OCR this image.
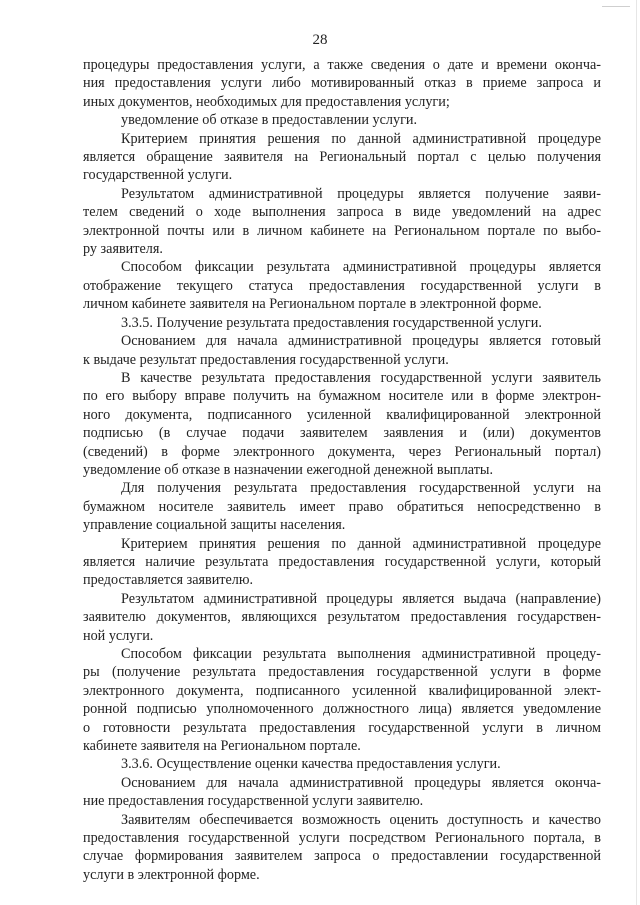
28
процедуры предоставления услуги, а также сведения о дате и времени оконча-
ния предоставления услуги либо мотивированный отказ в приеме запроса и
иных документов, необходимых для предоставления услуги;
уведомление об отказе в предоставлении услуги.
Критерием принятия решения по данной административной процедуре
является обращение заявителя на Региональный портал с целью получения
государственной услуги.
Результатом административной процедуры является получение заяви-
телем сведений о ходе выполнения запроса в виде уведомлений на адрес
электронной почты или в личном кабинете на Региональном портале по выбо-
ру заявителя.
Способом фиксации результата административной процедуры является
отображение текущего статуса предоставления государственной услуги в
личном кабинете заявителя на Региональном портале в электронной форме.
3.3.5. Получение результата предоставления государственной услуги.
Основанием для начала административной процедуры является готовый
к выдаче результат предоставления государственной услуги.
В качестве результата предоставления государственной услуги заявитель
по его выбору вправе получить на бумажном носителе или в форме электрон-
ного документа, подписанного усиленной квалифицированной электронной
подписью (в случае подачи заявителем заявления и (или) документов
(сведений) в форме электронного документа, через Региональный портал)
уведомление об отказе в назначении ежегодной денежной выплаты.
Для получения результата предоставления государственной услуги на
бумажном носителе заявитель имеет право обратиться непосредственно в
управление социальной защиты населения.
Критерием принятия решения по данной административной процедуре
является наличие результата предоставления государственной услуги, который
предоставляется заявителю.
Результатом административной процедуры является выдача (направление)
заявителю документов, являющихся результатом предоставления государствен-
ной услуги.
Способом фиксации результата выполнения административной процеду-
ры (получение результата предоставления государственной услуги в форме
электронного документа, подписанного усиленной квалифицированной элект-
ронной подписью уполномоченного должностного лица) является уведомление
о готовности результата предоставления государственной услуги в личном
кабинете заявителя на Региональном портале.
3.3.6. Осуществление оценки качества предоставления услуги.
Основанием для начала административной процедуры является оконча-
ние предоставления государственной услуги заявителю.
Заявителям обеспечивается возможность оценить доступность и качество
предоставления государственной услуги посредством Регионального портала, в
случае формирования заявителем запроса о предоставлении государственной
услуги в электронной форме.
